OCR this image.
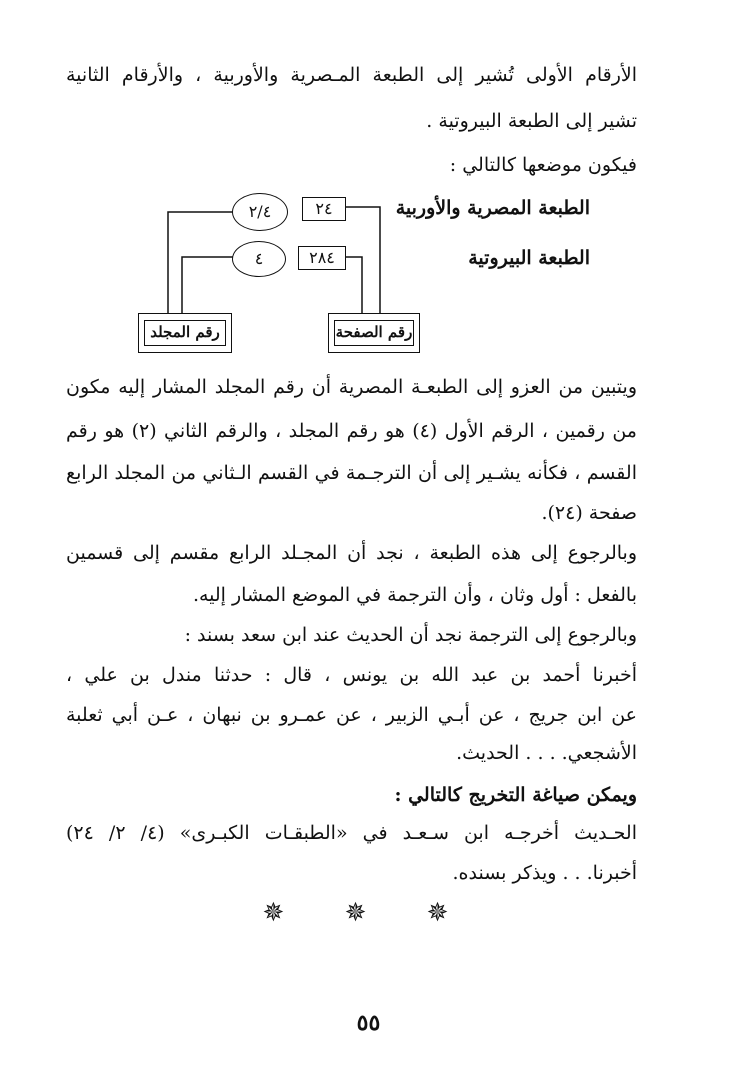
الأرقام الأولى تُشير إلى الطبعة المـصرية والأوربية ، والأرقام الثانية
تشير إلى الطبعة البيروتية .
فيكون موضعها كالتالي :
الطبعة المصرية والأوربية
الطبعة البيروتية
٢٤
٢٨٤
٢/٤
٤
رقم المجلد	رقم الصفحة
ويتبين من العزو إلى الطبعـة المصرية أن رقم المجلد المشار إليه مكون
من رقمين ، الرقم الأول (٤) هو رقم المجلد ، والرقم الثاني (٢) هو رقم
القسم ، فكأنه يشـير إلى أن الترجـمة في القسم الـثاني من المجلد الرابع
صفحة (٢٤).
وبالرجوع إلى هذه الطبعة ، نجد أن المجـلد الرابع مقسم إلى قسمين
بالفعل : أول وثان ، وأن الترجمة في الموضع المشار إليه.
وبالرجوع إلى الترجمة نجد أن الحديث عند ابن سعد بسند :
أخبرنا أحمد بن عبد الله بن يونس ، قال : حدثنا مندل بن علي ،
عن ابن جريج ، عن أبـي الزبير ، عن عمـرو بن نبهان ، عـن أبي ثعلبة
الأشجعي. . . . الحديث.
ويمكن صياغة التخريج كالتالي :
الحـديث أخرجـه ابن سـعـد في «الطبقـات الكبـرى» (٤/ ٢/ ٢٤)
أخبرنا. . . ويذكر بسنده.
✵ ✵ ✵
٥٥
